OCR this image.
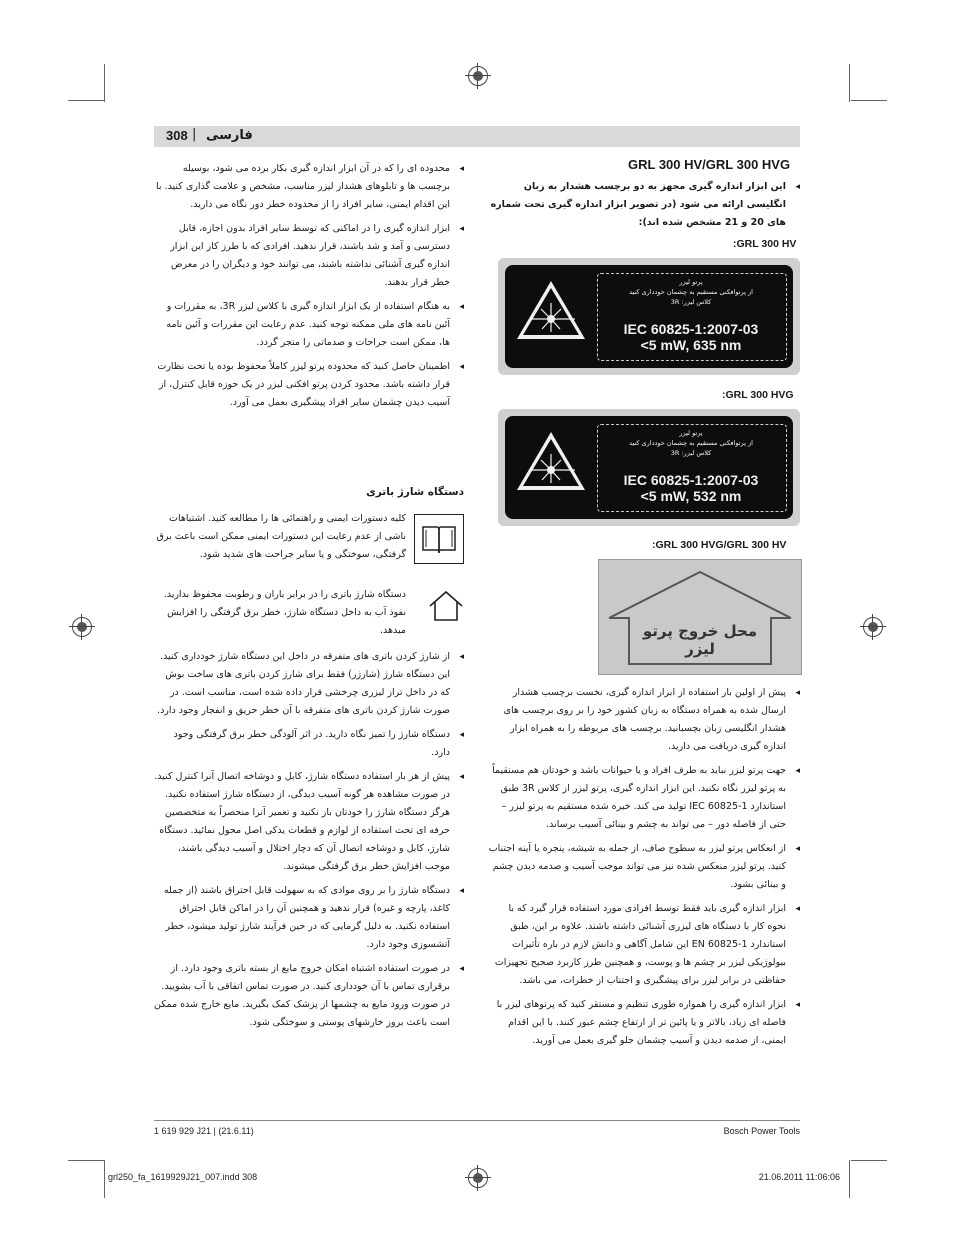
308 | فارسی
GRL 300 HV/GRL 300 HVG

◂ این ابزار اندازه گیری مجهز به دو برچسب هشدار به زبان انگلیسی ارائه می شود (در تصویر ابزار اندازه گیری تحت شماره های 20 و 21 مشخص شده اند):

:GRL 300 HV
پرتو لیزر
از پرتوافکنی مستقیم به چشمان خودداری کنید
کلاس لیزر: 3R
IEC 60825-1:2007-03
<5 mW, 635 nm
:GRL 300 HVG
پرتو لیزر
از پرتوافکنی مستقیم به چشمان خودداری کنید
کلاس لیزر: 3R
IEC 60825-1:2007-03
<5 mW, 532 nm
:GRL 300 HVG/GRL 300 HV
محل خروج پرتو لیزر

◂ پیش از اولین بار استفاده از ابزار اندازه گیری، نخست برچسب هشدار ارسال شده به همراه دستگاه به زبان کشور خود را بر روی برچسب های هشدار انگلیسی زبان بچسبانید. برچسب های مربوطه را به همراه ابزار اندازه گیری دریافت می دارید.

◂ جهت پرتو لیزر نباید به طرف افراد و یا حیوانات باشد و خودتان هم مستقیماً به پرتو لیزر نگاه نکنید. این ابزار اندازه گیری، پرتو لیزر از کلاس 3R طبق استاندارد IEC 60825-1 تولید می کند. خیره شده مستقیم به پرتو لیزر – حتی از فاصله دور – می تواند به چشم و بینائی آسیب برساند.

◂ از انعکاس پرتو لیزر به سطوح صاف، از جمله به شیشه، پنجره یا آینه اجتناب کنید. پرتو لیزر منعکس شده نیز می تواند موجب آسیب و صدمه دیدن چشم و بینائی بشود.

◂ ابزار اندازه گیری باید فقط توسط افرادی مورد استفاده قرار گیرد که با نحوه کار با دستگاه های لیزری آشنائی داشته باشند. علاوه بر این، طبق استاندارد EN 60825-1 این شامل آگاهی و دانش لازم در باره تأثیرات بیولوژیکی لیزر بر چشم ها و پوست، و همچنین طرز کاربرد صحیح تجهیزات حفاظتی در برابر لیزر برای پیشگیری و اجتناب از خطرات، می باشد.

◂ ابزار اندازه گیری را همواره طوری تنظیم و مستقر کنید که پرتوهای لیزر با فاصله ای زیاد، بالاتر و یا پائین تر از ارتفاع چشم عبور کنند. با این اقدام ایمنی، از صدمه دیدن و آسیب چشمان جلو گیری بعمل می آورید.

◂ محدوده ای را که در آن ابزار اندازه گیری بکار برده می شود، بوسیله برچسب ها و تابلوهای هشدار لیزر مناسب، مشخص و علامت گذاری کنید. با این اقدام ایمنی، سایر افراد را از محدوده خطر دور نگاه می دارید.

◂ ابزار اندازه گیری را در اماکنی که توسط سایر افراد بدون اجازه، قابل دسترسی و آمد و شد باشند، قرار ندهید. افرادی که با طرز کار این ابزار اندازه گیری آشنائی نداشته باشند، می توانند خود و دیگران را در معرض خطر قرار بدهند.

◂ به هنگام استفاده از یک ابزار اندازه گیری با کلاس لیزر 3R، به مقررات و آئین نامه های ملی ممکنه توجه کنید. عدم رعایت این مقررات و آئین نامه ها، ممکن است جراحات و صدماتی را منجر گردد.

◂ اطمینان حاصل کنید که محدوده پرتو لیزر کاملاً محفوظ بوده یا تحت نظارت قرار داشته باشد. محدود کردن پرتو افکنی لیزر در یک حوزه قابل کنترل، از آسیب دیدن چشمان سایر افراد پیشگیری بعمل می آورد.

دستگاه شارژ باتری

کلیه دستورات ایمنی و راهنمائی ها را مطالعه کنید. اشتباهات ناشی از عدم رعایت این دستورات ایمنی ممکن است باعث برق گرفتگی، سوختگی و یا سایر جراحت های شدید شود.

دستگاه شارژ باتری را در برابر باران و رطوبت محفوظ بدارید. نفوذ آب به داخل دستگاه شارژ، خطر برق گرفتگی را افزایش میدهد.

◂ از شارژ کردن باتری های متفرقه در داخل این دستگاه شارژ خودداری کنید. این دستگاه شارژ (شارژر) فقط برای شارژ کردن باتری های ساخت بوش که در داخل تراز لیزری چرخشی قرار داده شده است، مناسب است. در صورت شارژ کردن باتری های متفرقه با آن خطر حریق و انفجار وجود دارد.

◂ دستگاه شارژ را تمیز نگاه دارید. در اثر آلودگی خطر برق گرفتگی وجود دارد.

◂ پیش از هر بار استفاده دستگاه شارژ، کابل و دوشاخه اتصال آنرا کنترل کنید. در صورت مشاهده هر گونه آسیب دیدگی، از دستگاه شارژ استفاده نکنید. هرگز دستگاه شارژ را خودتان باز نکنید و تعمیر آنرا منحصراً به متخصصین حرفه ای تحت استفاده از لوازم و قطعات یدکی اصل محول نمائید. دستگاه شارژ، کابل و دوشاخه اتصال آن که دچار اختلال و آسیب دیدگی باشند، موجب افزایش خطر برق گرفتگی میشوند.

◂ دستگاه شارژ را بر روی موادی که به سهولت قابل احتراق باشند (از جمله کاغذ، پارچه و غیره) قرار ندهید و همچنین آن را در اماکن قابل احتراق استفاده نکنید. به دلیل گرمایی که در حین فرآیند شارژ تولید میشود، خطر آتشسوزی وجود دارد.

◂ در صورت استفاده اشتباه امکان خروج مایع از بسته باتری وجود دارد. از برقراری تماس با آن خودداری کنید. در صورت تماس اتفاقی با آب بشویید. در صورت ورود مایع به چشمها از پزشک کمک بگیرید. مایع خارج شده ممکن است باعث بروز خارشهای پوستی و سوختگی شود.

1 619 929 J21 | (21.6.11)	Bosch Power Tools
grl250_fa_1619929J21_007.indd 308	21.06.2011 11:06:06
